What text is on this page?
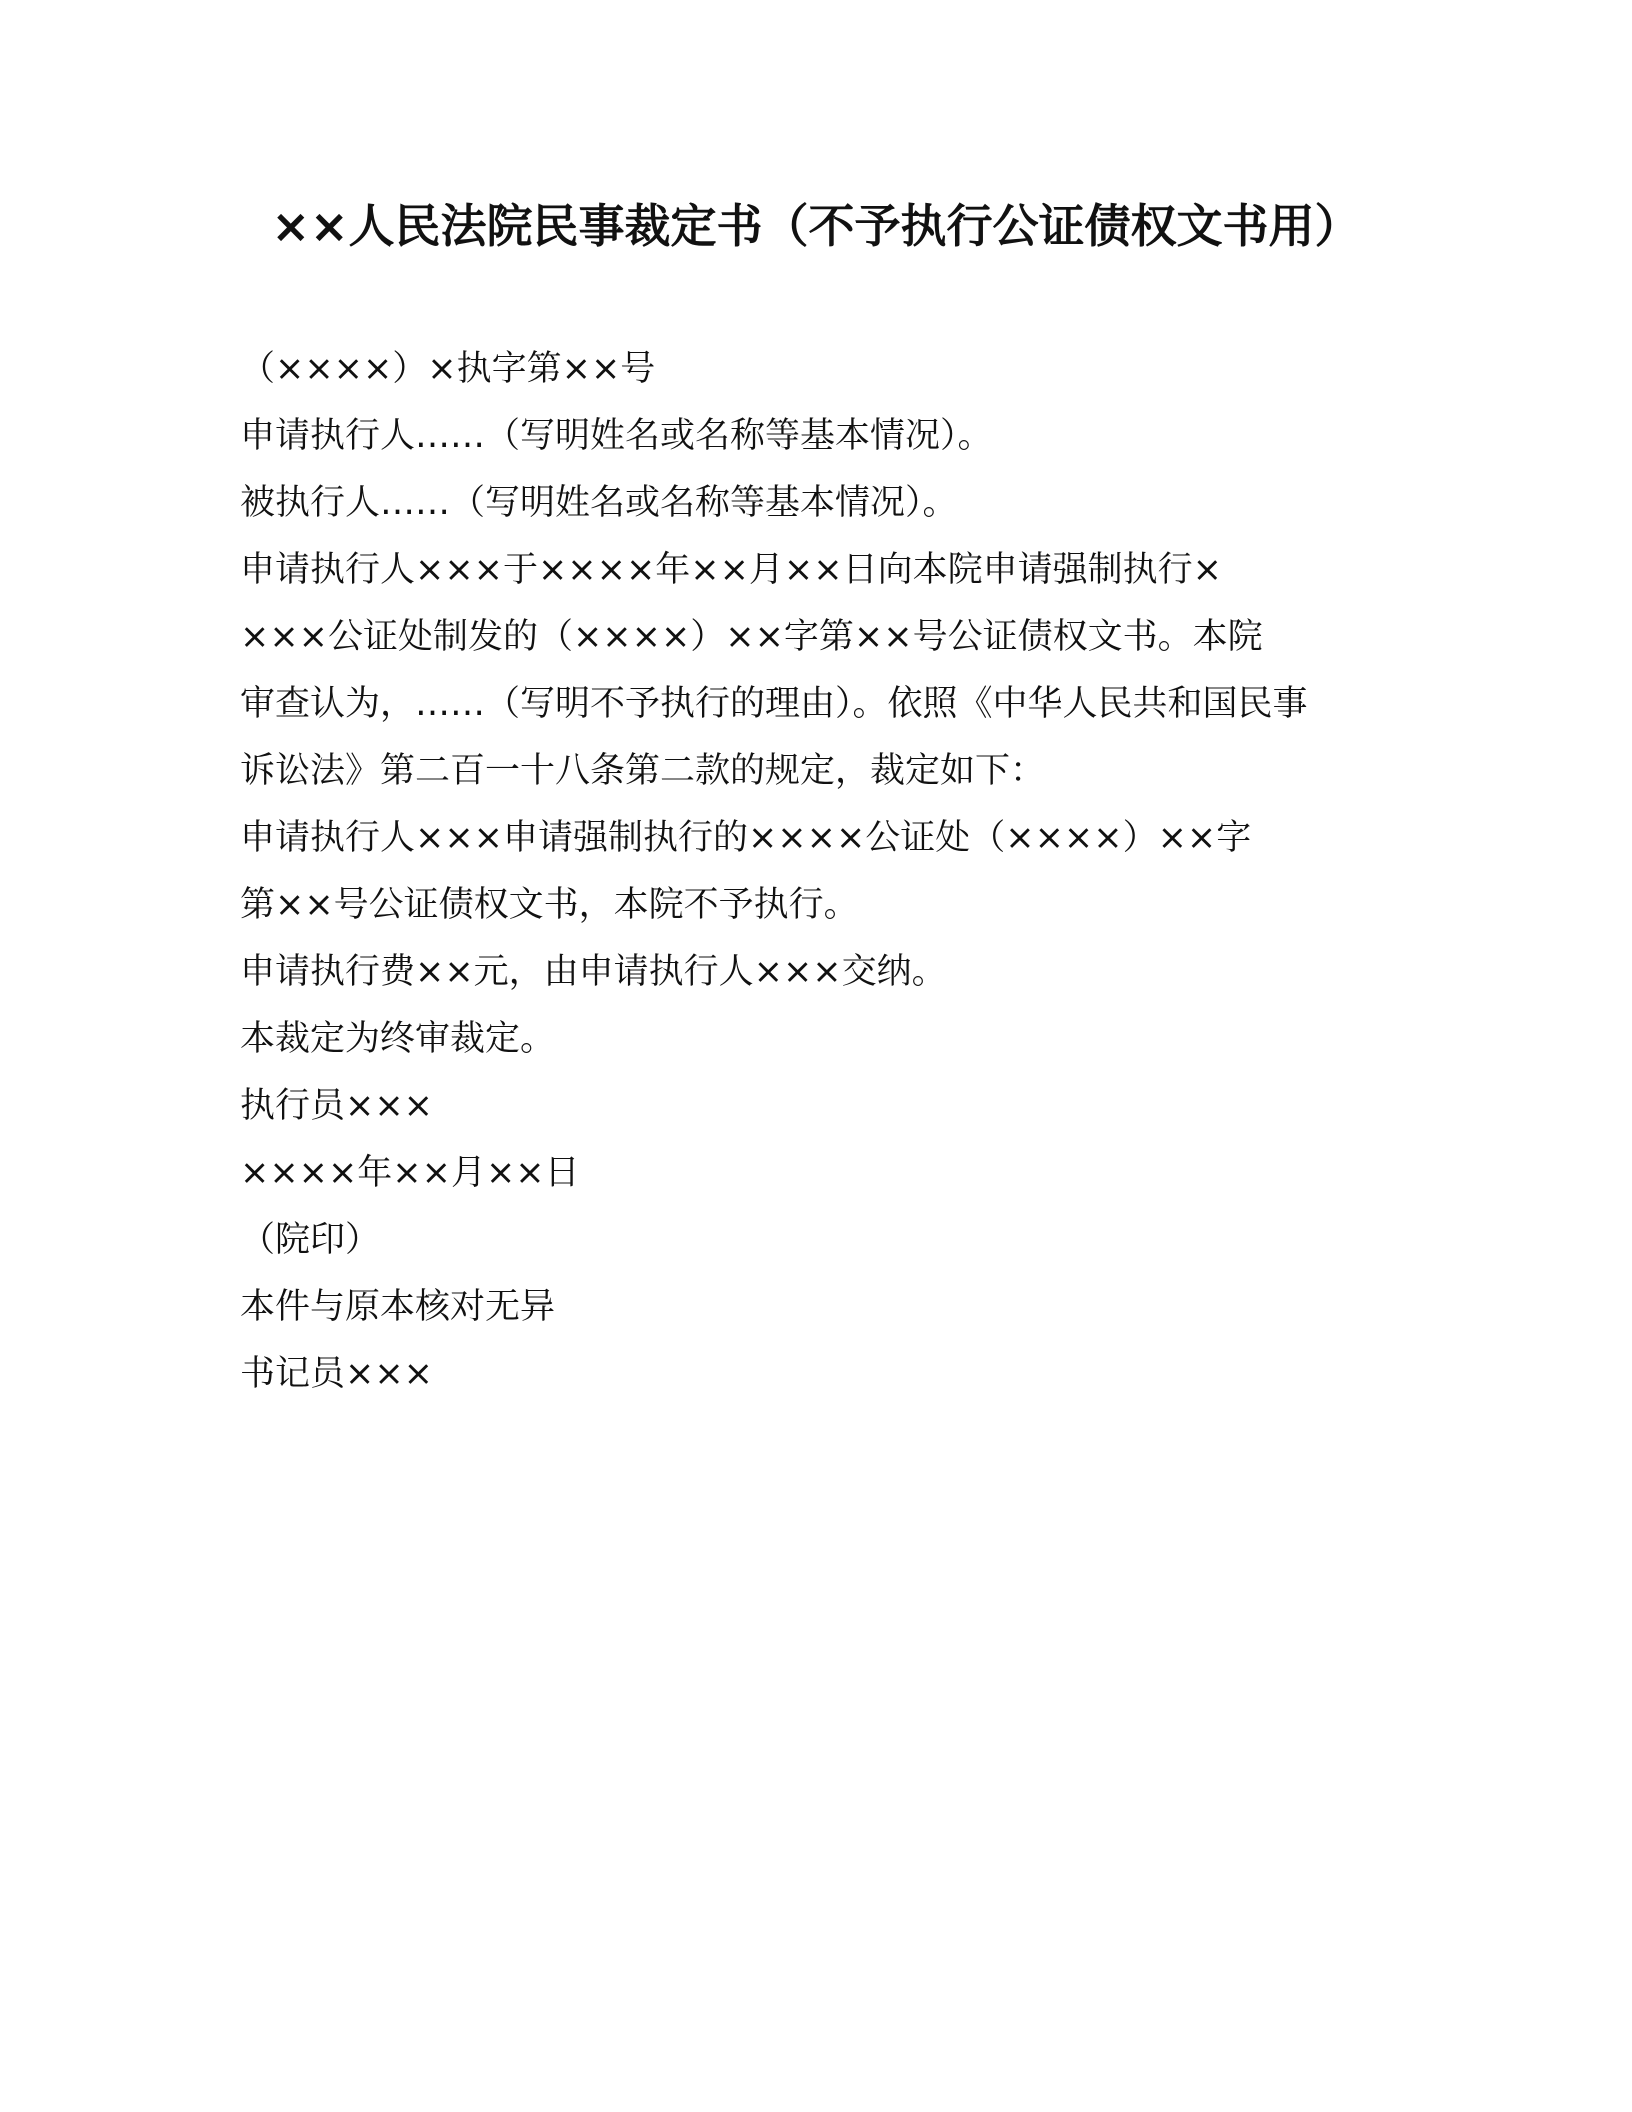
××人民法院民事裁定书（不予执行公证债权文书用）
（××××）×执字第××号
申请执行人……（写明姓名或名称等基本情况）。
被执行人……（写明姓名或名称等基本情况）。
申请执行人×××于××××年××月××日向本院申请强制执行×
×××公证处制发的（××××）××字第××号公证债权文书。本院
审查认为，……（写明不予执行的理由）。依照《中华人民共和国民事
诉讼法》第二百一十八条第二款的规定，裁定如下：
申请执行人×××申请强制执行的××××公证处（××××）××字
第××号公证债权文书，本院不予执行。
申请执行费××元，由申请执行人×××交纳。
本裁定为终审裁定。
执行员×××
××××年××月××日
（院印）
本件与原本核对无异
书记员×××
